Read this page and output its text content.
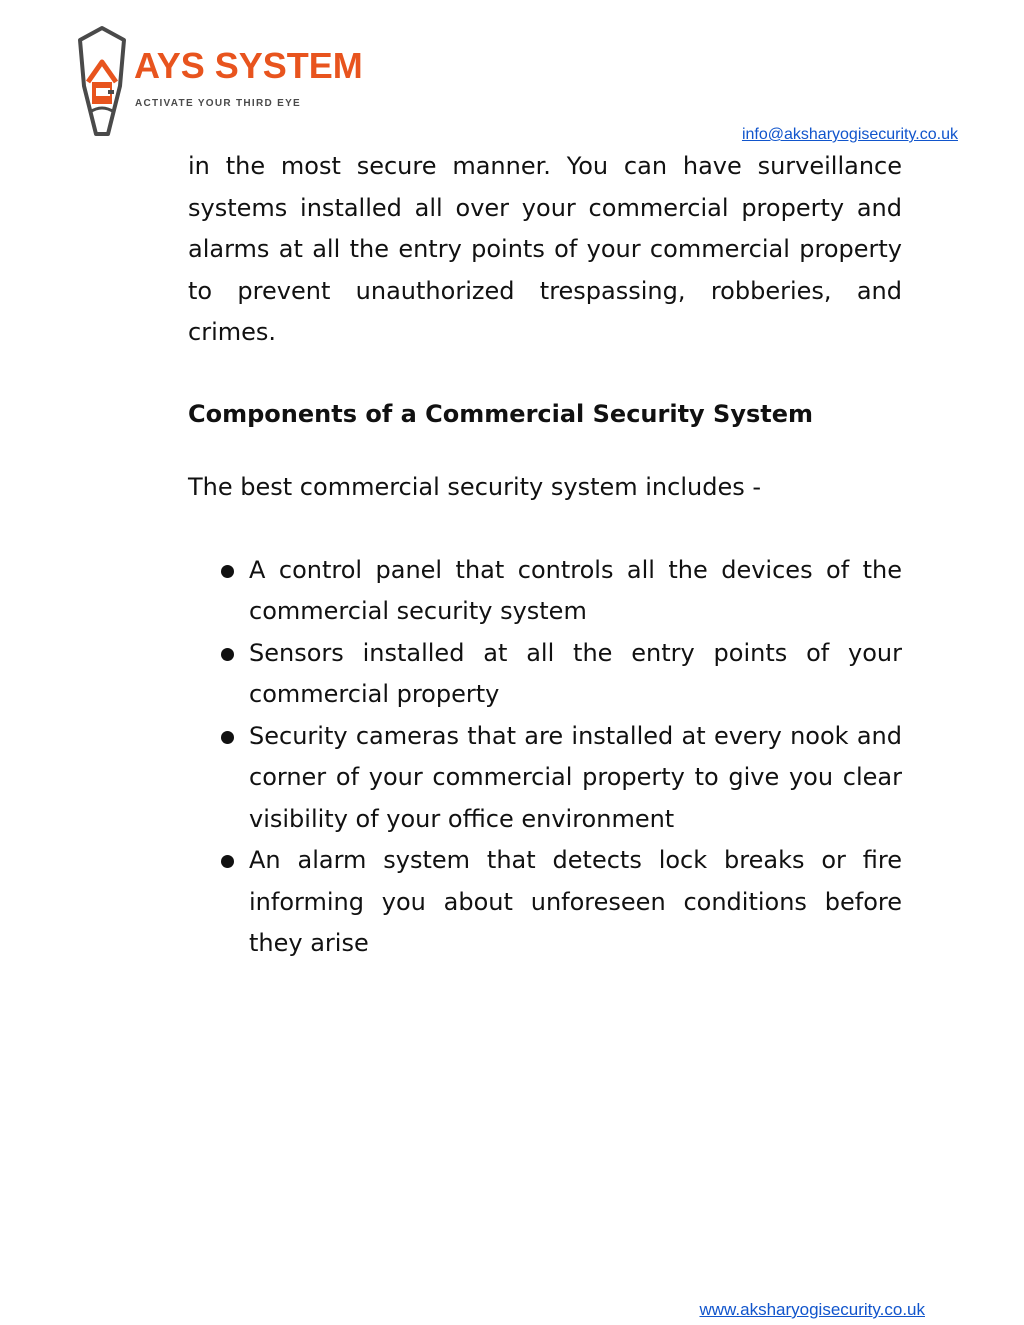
AYS SYSTEM
ACTIVATE YOUR THIRD EYE
info@aksharyogisecurity.co.uk

in the most secure manner. You can have surveillance systems installed all over your commercial property and alarms at all the entry points of your commercial property to prevent unauthorized trespassing, robberies, and crimes.

Components of a Commercial Security System

The best commercial security system includes -

A control panel that controls all the devices of the commercial security system
Sensors installed at all the entry points of your commercial property
Security cameras that are installed at every nook and corner of your commercial property to give you clear visibility of your office environment
An alarm system that detects lock breaks or fire informing you about unforeseen conditions before they arise
www.aksharyogisecurity.co.uk
